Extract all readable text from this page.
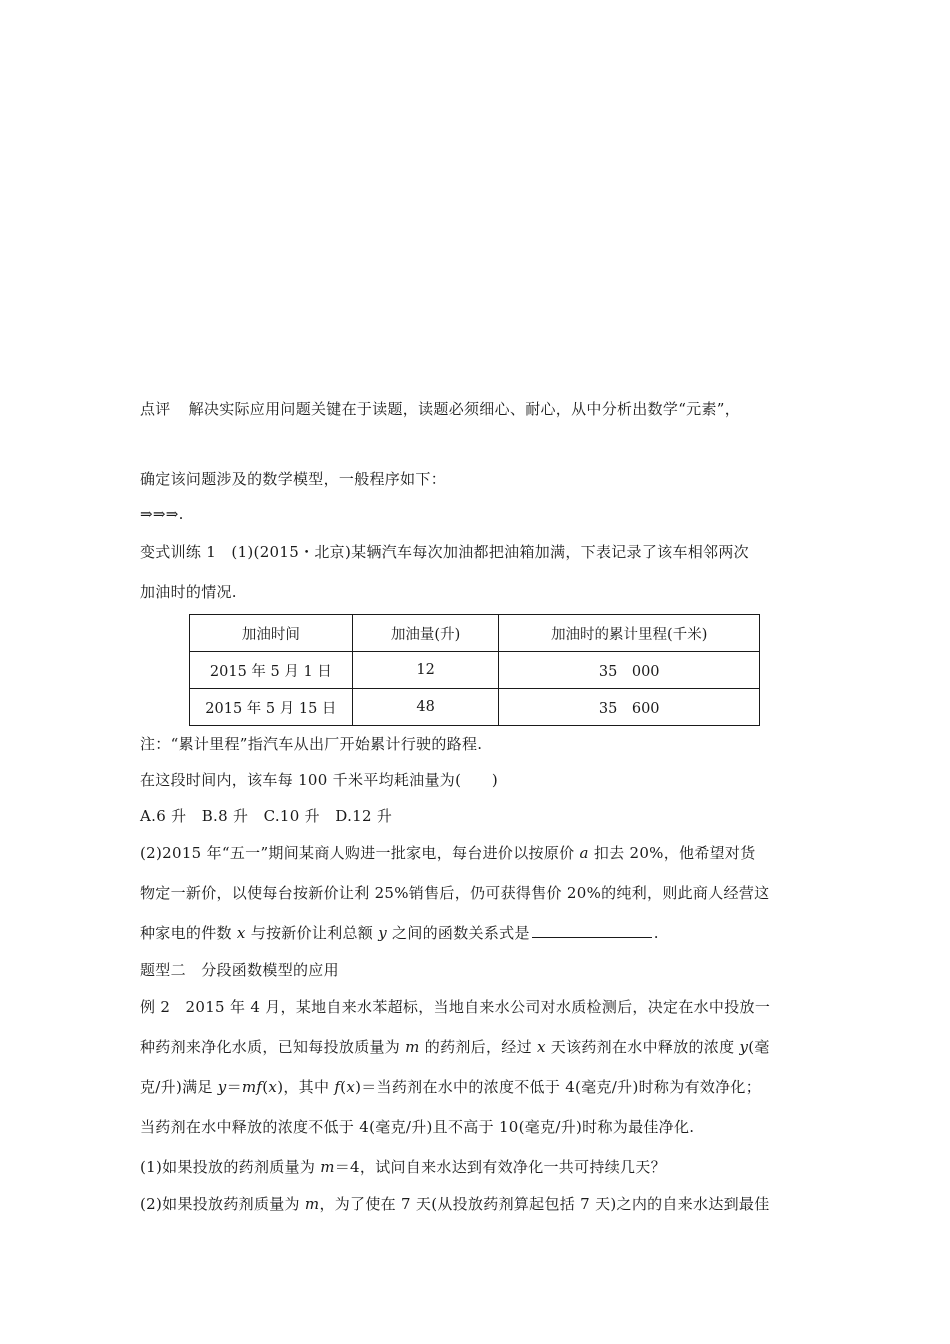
点评 解决实际应用问题关键在于读题，读题必须细心、耐心，从中分析出数学“元素”，
确定该问题涉及的数学模型，一般程序如下：
⇒⇒⇒.
变式训练 1　(1)(2015・北京)某辆汽车每次加油都把油箱加满，下表记录了该车相邻两次
加油时的情况.
加油时间	加油量(升)	加油时的累计里程(千米)
2015 年 5 月 1 日	12	35　000
2015 年 5 月 15 日	48	35　600
注：“累计里程”指汽车从出厂开始累计行驶的路程.
在这段时间内，该车每 100 千米平均耗油量为(　　)
A.6 升　B.8 升　C.10 升　D.12 升
(2)2015 年“五一”期间某商人购进一批家电，每台进价以按原价 a 扣去 20%，他希望对货
物定一新价，以使每台按新价让利 25%销售后，仍可获得售价 20%的纯利，则此商人经营这
种家电的件数 x 与按新价让利总额 y 之间的函数关系式是	.
题型二　分段函数模型的应用
例 2　2015 年 4 月，某地自来水苯超标，当地自来水公司对水质检测后，决定在水中投放一
种药剂来净化水质，已知每投放质量为 m 的药剂后，经过 x 天该药剂在水中释放的浓度 y(毫
克/升)满足 y＝mf(x)，其中 f(x)＝当药剂在水中的浓度不低于 4(毫克/升)时称为有效净化；
当药剂在水中释放的浓度不低于 4(毫克/升)且不高于 10(毫克/升)时称为最佳净化.
(1)如果投放的药剂质量为 m＝4，试问自来水达到有效净化一共可持续几天？
(2)如果投放药剂质量为 m，为了使在 7 天(从投放药剂算起包括 7 天)之内的自来水达到最佳
